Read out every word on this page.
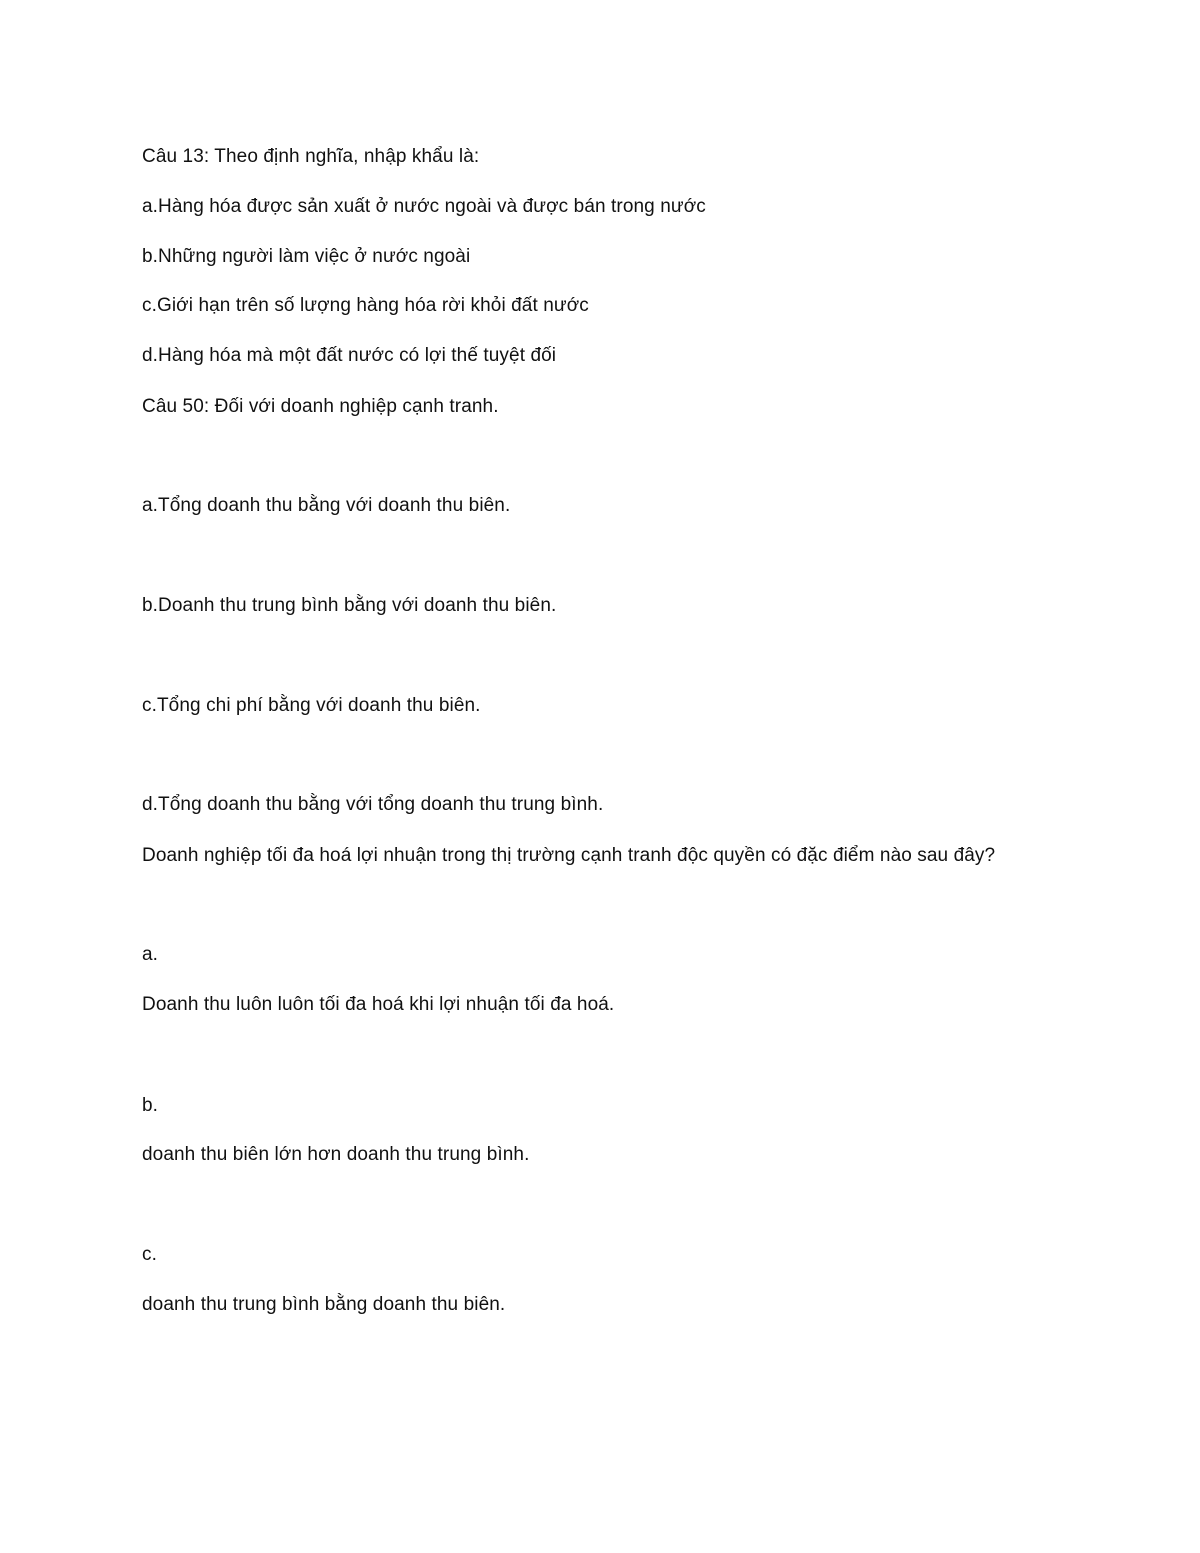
Câu 13: Theo định nghĩa, nhập khẩu là:
a.Hàng hóa được sản xuất ở nước ngoài và được bán trong nước
b.Những người làm việc ở nước ngoài
c.Giới hạn trên số lượng hàng hóa rời khỏi đất nước
d.Hàng hóa mà một đất nước có lợi thế tuyệt đối
Câu 50: Đối với doanh nghiệp cạnh tranh.
a.Tổng doanh thu bằng với doanh thu biên.
b.Doanh thu trung bình bằng với doanh thu biên.
c.Tổng chi phí bằng với doanh thu biên.
d.Tổng doanh thu bằng với tổng doanh thu trung bình.
Doanh nghiệp tối đa hoá lợi nhuận trong thị trường cạnh tranh độc quyền có đặc điểm nào sau đây?
a.
Doanh thu luôn luôn tối đa hoá khi lợi nhuận tối đa hoá.
b.
doanh thu biên lớn hơn doanh thu trung bình.
c.
doanh thu trung bình bằng doanh thu biên.
